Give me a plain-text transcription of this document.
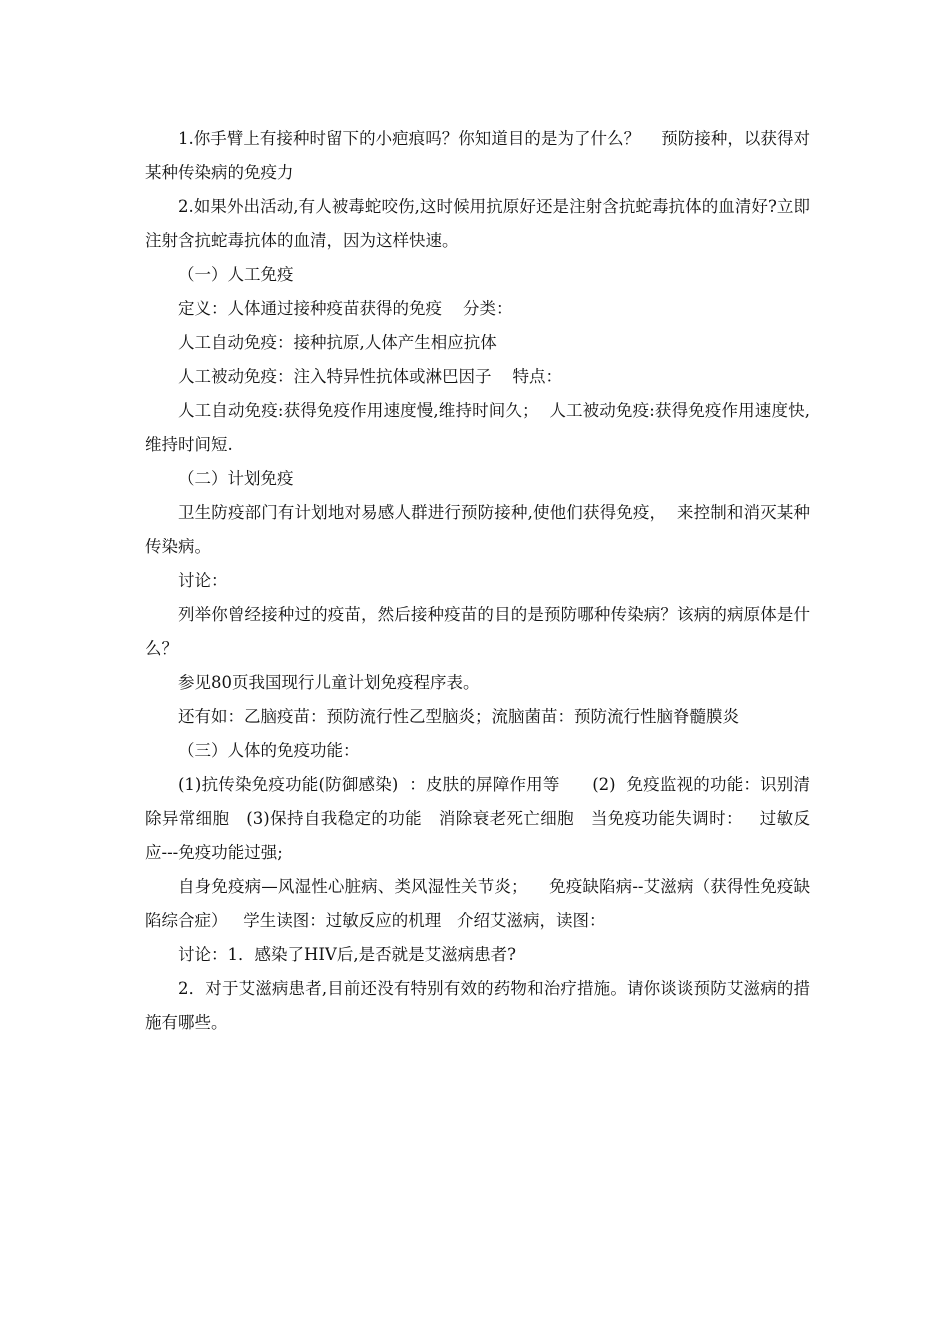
1.你手臂上有接种时留下的小疤痕吗？你知道目的是为了什么？    预防接种，以获得对某种传染病的免疫力

2.如果外出活动,有人被毒蛇咬伤,这时候用抗原好还是注射含抗蛇毒抗体的血清好?立即注射含抗蛇毒抗体的血清，因为这样快速。

（一）人工免疫

定义：人体通过接种疫苗获得的免疫    分类：

人工自动免疫：接种抗原,人体产生相应抗体

人工被动免疫：注入特异性抗体或淋巴因子    特点：

人工自动免疫:获得免疫作用速度慢,维持时间久；  人工被动免疫:获得免疫作用速度快,维持时间短.

（二）计划免疫

卫生防疫部门有计划地对易感人群进行预防接种,使他们获得免疫，  来控制和消灭某种传染病。

讨论：

列举你曾经接种过的疫苗，然后接种疫苗的目的是预防哪种传染病？该病的病原体是什么？

参见80页我国现行儿童计划免疫程序表。

还有如：乙脑疫苗：预防流行性乙型脑炎；流脑菌苗：预防流行性脑脊髓膜炎

（三）人体的免疫功能：

(1)抗传染免疫功能(防御感染)  ：皮肤的屏障作用等      (2)  免疫监视的功能：识别清除异常细胞   (3)保持自我稳定的功能   消除衰老死亡细胞   当免疫功能失调时：   过敏反应---免疫功能过强;

自身免疫病—风湿性心脏病、类风湿性关节炎；    免疫缺陷病--艾滋病（获得性免疫缺陷综合症）   学生读图：过敏反应的机理   介绍艾滋病，读图：

讨论：1．感染了HIV后,是否就是艾滋病患者?

2．对于艾滋病患者,目前还没有特别有效的药物和治疗措施。请你谈谈预防艾滋病的措施有哪些。
